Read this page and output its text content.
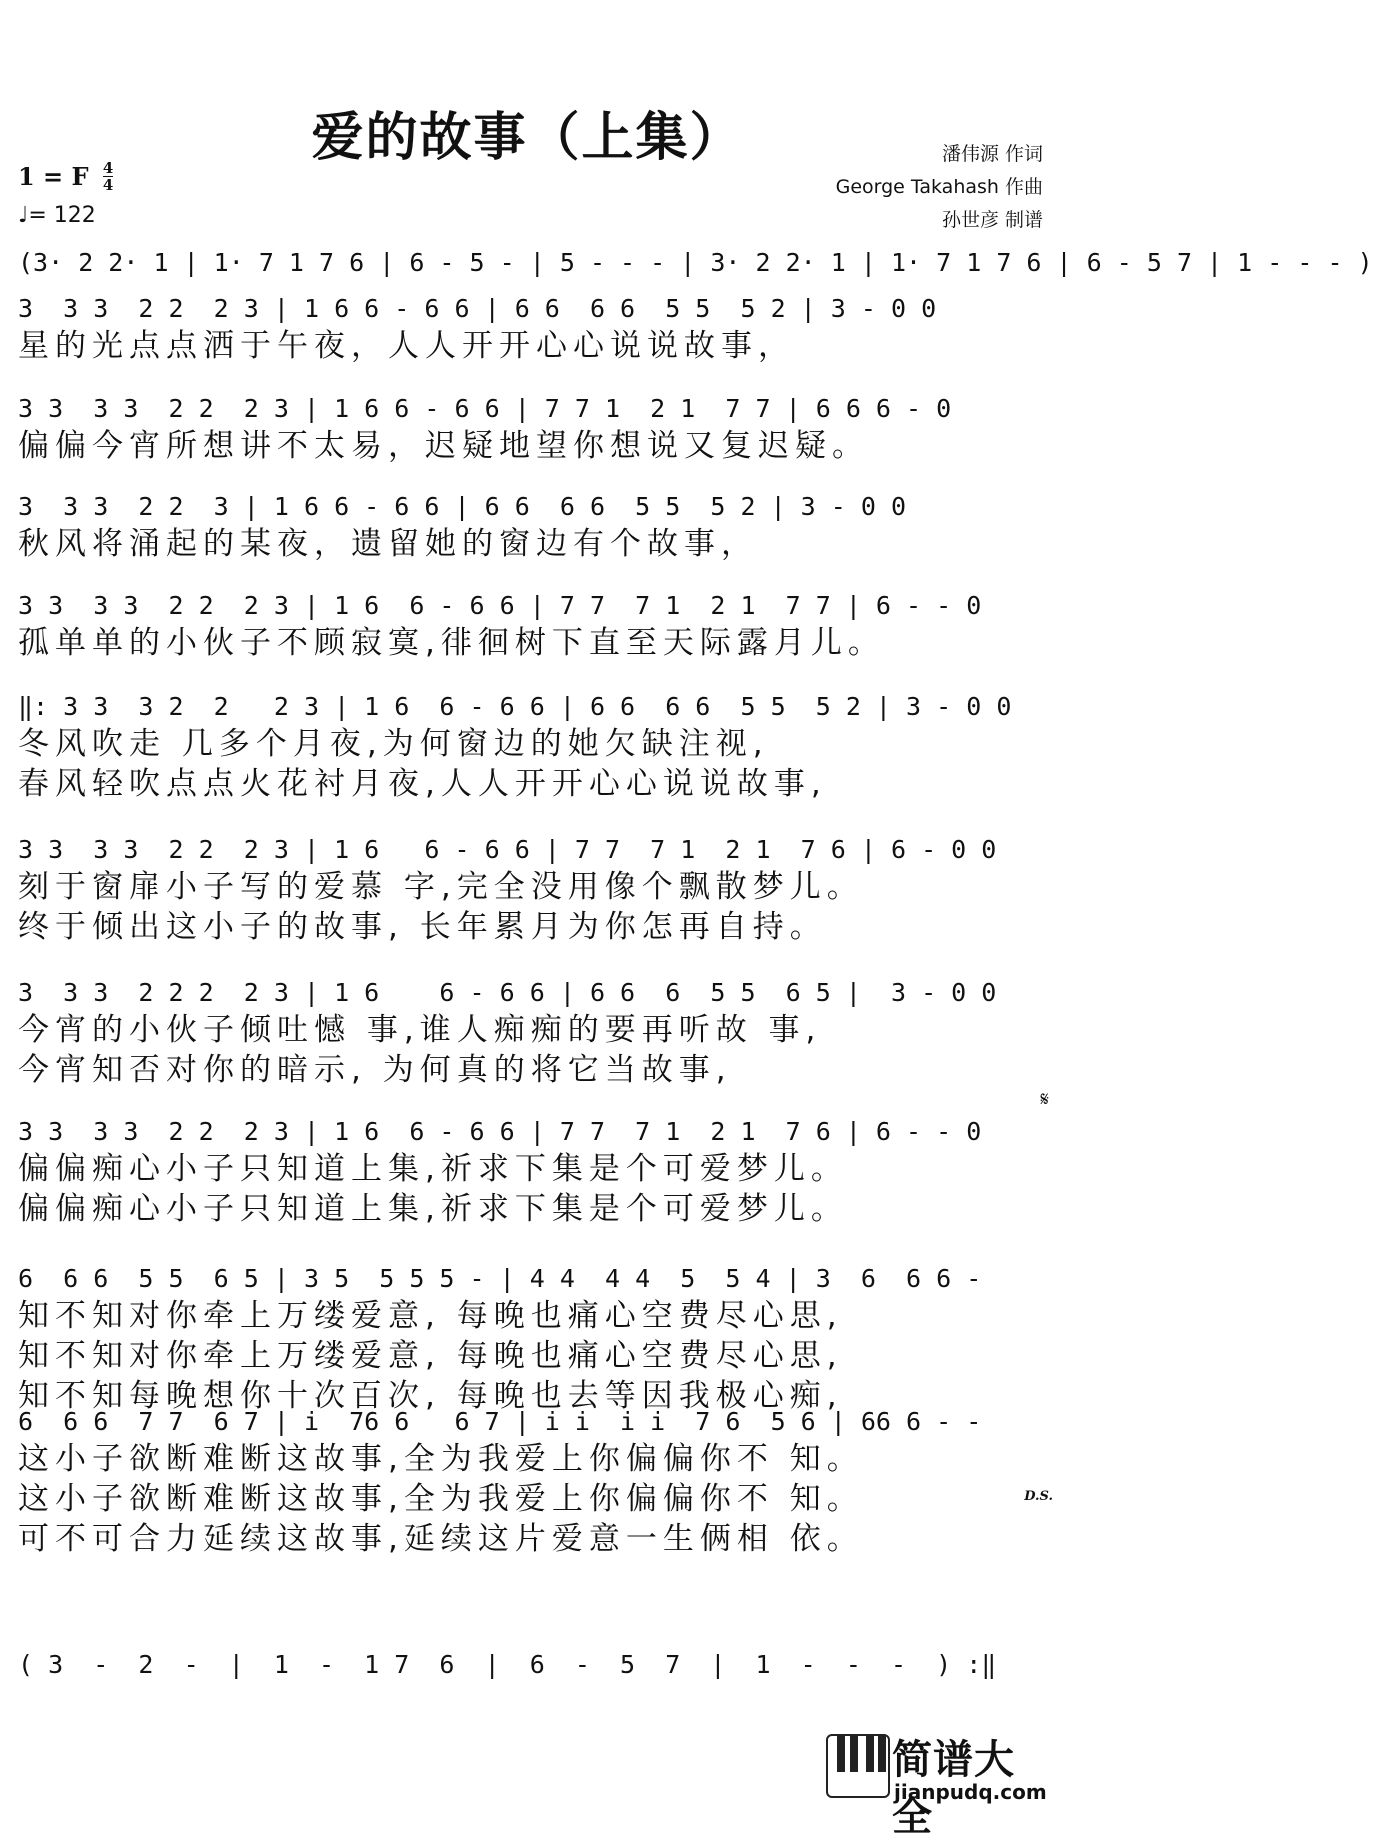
爱的故事（上集）
1 = F $\frac{4}{4}$
♩= 122
潘伟源 作词
George Takahash 作曲
孙世彦 制谱
(3· 2 2· 1 | 1· 7 1 7 6 | 6 - 5 - | 5 - - - | 3· 2 2· 1 | 1· 7 1 7 6 | 6 - 5 7 | 1 - - - )
3  3 3  2 2  2 3 | 1 6 6 - 6 6 | 6 6  6 6  5 5  5 2 | 3 - 0 0
星的光点点洒于午夜，人人开开心心说说故事，
3 3  3 3  2 2  2 3 | 1 6 6 - 6 6 | 7 7 1  2 1  7 7 | 6 6 6 - 0
偏偏今宵所想讲不太易，迟疑地望你想说又复迟疑。
3  3 3  2 2  3 | 1 6 6 - 6 6 | 6 6  6 6  5 5  5 2 | 3 - 0 0
秋风将涌起的某夜，遗留她的窗边有个故事，
3 3  3 3  2 2  2 3 | 1 6  6 - 6 6 | 7 7  7 1  2 1  7 7 | 6 - - 0
孤单单的小伙子不顾寂寞,徘徊树下直至天际露月儿。
‖: 3 3  3 2  2   2 3 | 1 6  6 - 6 6 | 6 6  6 6  5 5  5 2 | 3 - 0 0
冬风吹走 几多个月夜,为何窗边的她欠缺注视,
春风轻吹点点火花衬月夜,人人开开心心说说故事,
3 3  3 3  2 2  2 3 | 1 6   6 - 6 6 | 7 7  7 1  2 1  7 6 | 6 - 0 0
刻于窗扉小子写的爱慕 字,完全没用像个飘散梦儿。
终于倾出这小子的故事, 长年累月为你怎再自持。
3  3 3  2 2 2  2 3 | 1 6    6 - 6 6 | 6 6  6  5 5  6 5 |  3 - 0 0
今宵的小伙子倾吐憾 事,谁人痴痴的要再听故 事,
今宵知否对你的暗示, 为何真的将它当故事,
3 3  3 3  2 2  2 3 | 1 6  6 - 6 6 | 7 7  7 1  2 1  7 6 | 6 - - 0
偏偏痴心小子只知道上集,祈求下集是个可爱梦儿。
偏偏痴心小子只知道上集,祈求下集是个可爱梦儿。
6  6 6  5 5  6 5 | 3 5  5 5 5 - | 4 4  4 4  5  5 4 | 3  6  6 6 -
知不知对你牵上万缕爱意, 每晚也痛心空费尽心思,
知不知对你牵上万缕爱意, 每晚也痛心空费尽心思,
知不知每晚想你十次百次, 每晚也去等因我极心痴,
6  6 6  7 7  6 7 | i  76 6   6 7 | i i  i i  7 6  5 6 | 66 6 - -
这小子欲断难断这故事,全为我爱上你偏偏你不 知。
这小子欲断难断这故事,全为我爱上你偏偏你不 知。
可不可合力延续这故事,延续这片爱意一生俩相 依。
𝄋
D.S.
( 3  -  2  -  |  1  -  1 7  6  |  6  -  5  7  |  1  -  -  -  ) :‖
简谱大全
jianpudq.com
